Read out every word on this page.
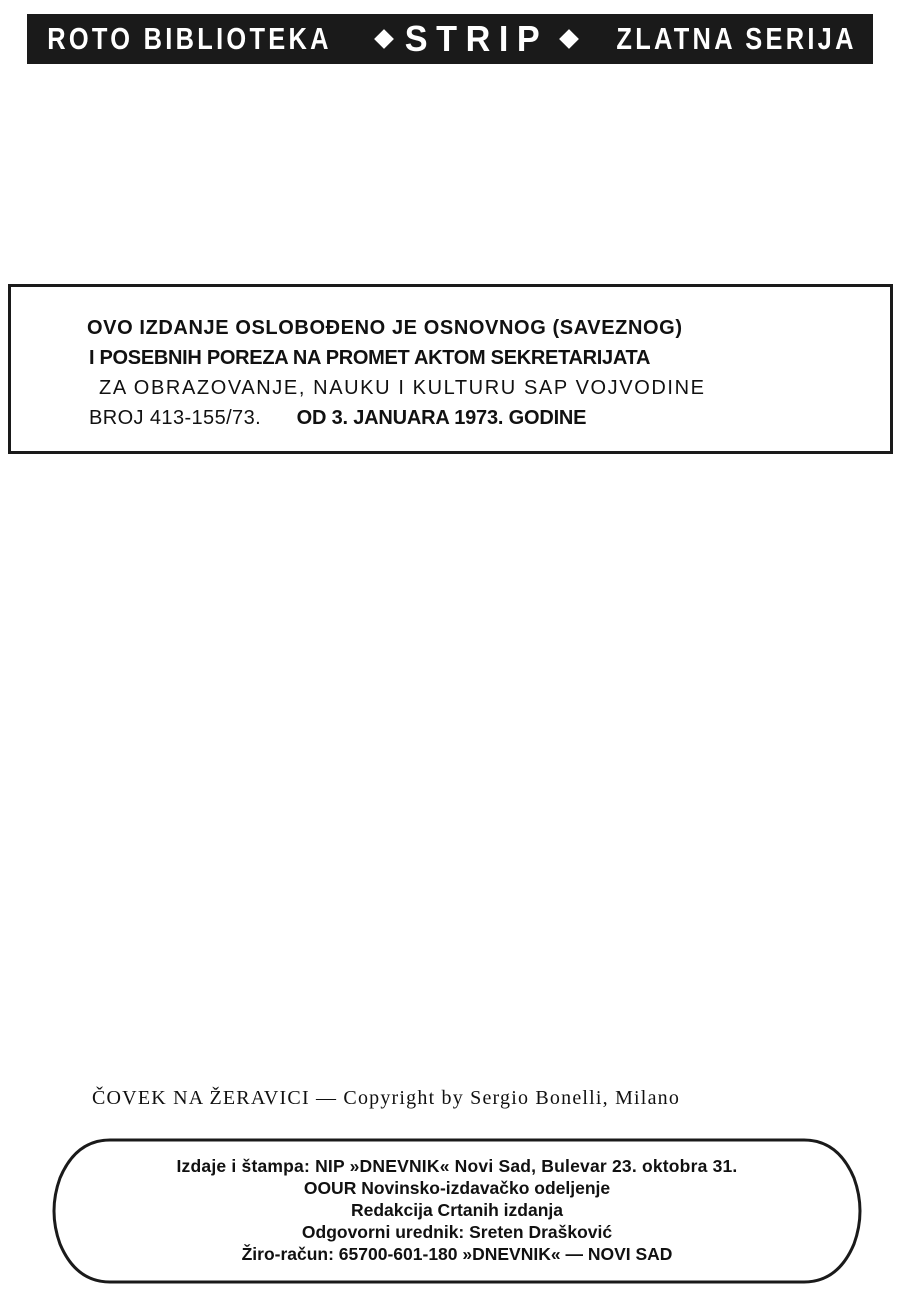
ROTO BIBLIOTEKA STRIP ZLATNA SERIJA
OVO IZDANJE OSLOBOĐENO JE OSNOVNOG (SAVEZNOG)
I POSEBNIH POREZA NA PROMET AKTOM SEKRETARIJATA
ZA OBRAZOVANJE, NAUKU I KULTURU SAP VOJVODINE
BROJ 413-155/73. OD 3. JANUARA 1973. GODINE
ČOVEK NA ŽERAVICI — Copyright by Sergio Bonelli, Milano
Izdaje i štampa: NIP »DNEVNIK« Novi Sad, Bulevar 23. oktobra 31.
OOUR Novinsko-izdavačko odeljenje
Redakcija Crtanih izdanja
Odgovorni urednik: Sreten Drašković
Žiro-račun: 65700-601-180 »DNEVNIK« — NOVI SAD
